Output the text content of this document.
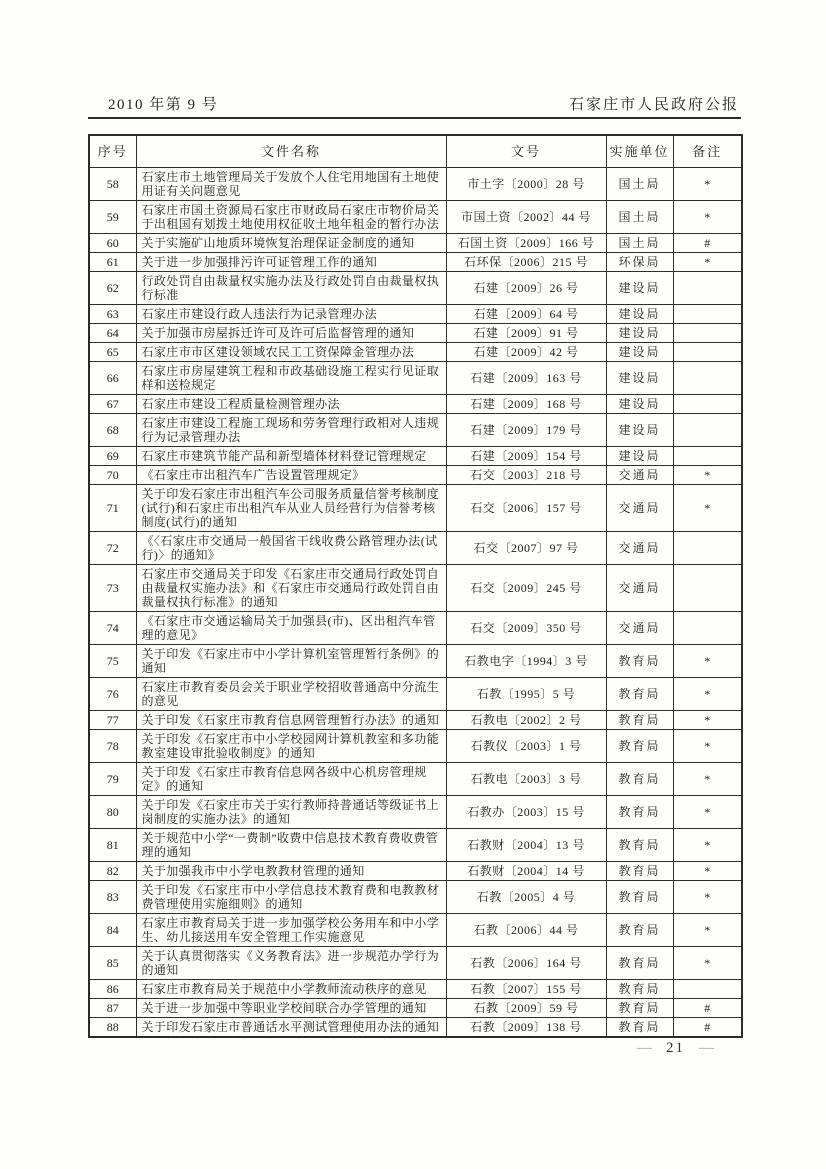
2010 年第 9 号	石家庄市人民政府公报
序号	文件名称	文号	实施单位	备注
58	石家庄市土地管理局关于发放个人住宅用地国有土地使用证有关问题意见	市土字〔2000〕28 号	国土局	*
59	石家庄市国土资源局石家庄市财政局石家庄市物价局关于出租国有划拨土地使用权征收土地年租金的暂行办法	市国土资〔2002〕44 号	国土局	*
60	关于实施矿山地质环境恢复治理保证金制度的通知	石国土资〔2009〕166 号	国土局	#
61	关于进一步加强排污许可证管理工作的通知	石环保〔2006〕215 号	环保局	*
62	行政处罚自由裁量权实施办法及行政处罚自由裁量权执行标准	石建〔2009〕26 号	建设局	
63	石家庄市建设行政人违法行为记录管理办法	石建〔2009〕64 号	建设局	
64	关于加强市房屋拆迁许可及许可后监督管理的通知	石建〔2009〕91 号	建设局	
65	石家庄市市区建设领域农民工工资保障金管理办法	石建〔2009〕42 号	建设局	
66	石家庄市房屋建筑工程和市政基础设施工程实行见证取样和送检规定	石建〔2009〕163 号	建设局	
67	石家庄市建设工程质量检测管理办法	石建〔2009〕168 号	建设局	
68	石家庄市建设工程施工现场和劳务管理行政相对人违规行为记录管理办法	石建〔2009〕179 号	建设局	
69	石家庄市建筑节能产品和新型墙体材料登记管理规定	石建〔2009〕154 号	建设局	
70	《石家庄市出租汽车广告设置管理规定》	石交〔2003〕218 号	交通局	*
71	关于印发石家庄市出租汽车公司服务质量信誉考核制度(试行)和石家庄市出租汽车从业人员经营行为信誉考核制度(试行)的通知	石交〔2006〕157 号	交通局	*
72	《〈石家庄市交通局一般国省干线收费公路管理办法(试行)〉的通知》	石交〔2007〕97 号	交通局	
73	石家庄市交通局关于印发《石家庄市交通局行政处罚自由裁量权实施办法》和《石家庄市交通局行政处罚自由裁量权执行标准》的通知	石交〔2009〕245 号	交通局	
74	《石家庄市交通运输局关于加强县(市)、区出租汽车管理的意见》	石交〔2009〕350 号	交通局	
75	关于印发《石家庄市中小学计算机室管理暂行条例》的通知	石教电字〔1994〕3 号	教育局	*
76	石家庄市教育委员会关于职业学校招收普通高中分流生的意见	石教〔1995〕5 号	教育局	*
77	关于印发《石家庄市教育信息网管理暂行办法》的通知	石教电〔2002〕2 号	教育局	*
78	关于印发《石家庄市中小学校园网计算机教室和多功能教室建设审批验收制度》的通知	石教仪〔2003〕1 号	教育局	*
79	关于印发《石家庄市教育信息网各级中心机房管理规定》的通知	石教电〔2003〕3 号	教育局	*
80	关于印发《石家庄市关于实行教师持普通话等级证书上岗制度的实施办法》的通知	石教办〔2003〕15 号	教育局	*
81	关于规范中小学“一费制”收费中信息技术教育费收费管理的通知	石教财〔2004〕13 号	教育局	*
82	关于加强我市中小学电教教材管理的通知	石教财〔2004〕14 号	教育局	*
83	关于印发《石家庄市中小学信息技术教育费和电教教材费管理使用实施细则》的通知	石教〔2005〕4 号	教育局	*
84	石家庄市教育局关于进一步加强学校公务用车和中小学生、幼儿接送用车安全管理工作实施意见	石教〔2006〕44 号	教育局	*
85	关于认真贯彻落实《义务教育法》进一步规范办学行为的通知	石教〔2006〕164 号	教育局	*
86	石家庄市教育局关于规范中小学教师流动秩序的意见	石教〔2007〕155 号	教育局	
87	关于进一步加强中等职业学校间联合办学管理的通知	石教〔2009〕59 号	教育局	#
88	关于印发石家庄市普通话水平测试管理使用办法的通知	石教〔2009〕138 号	教育局	#
— 21 —
